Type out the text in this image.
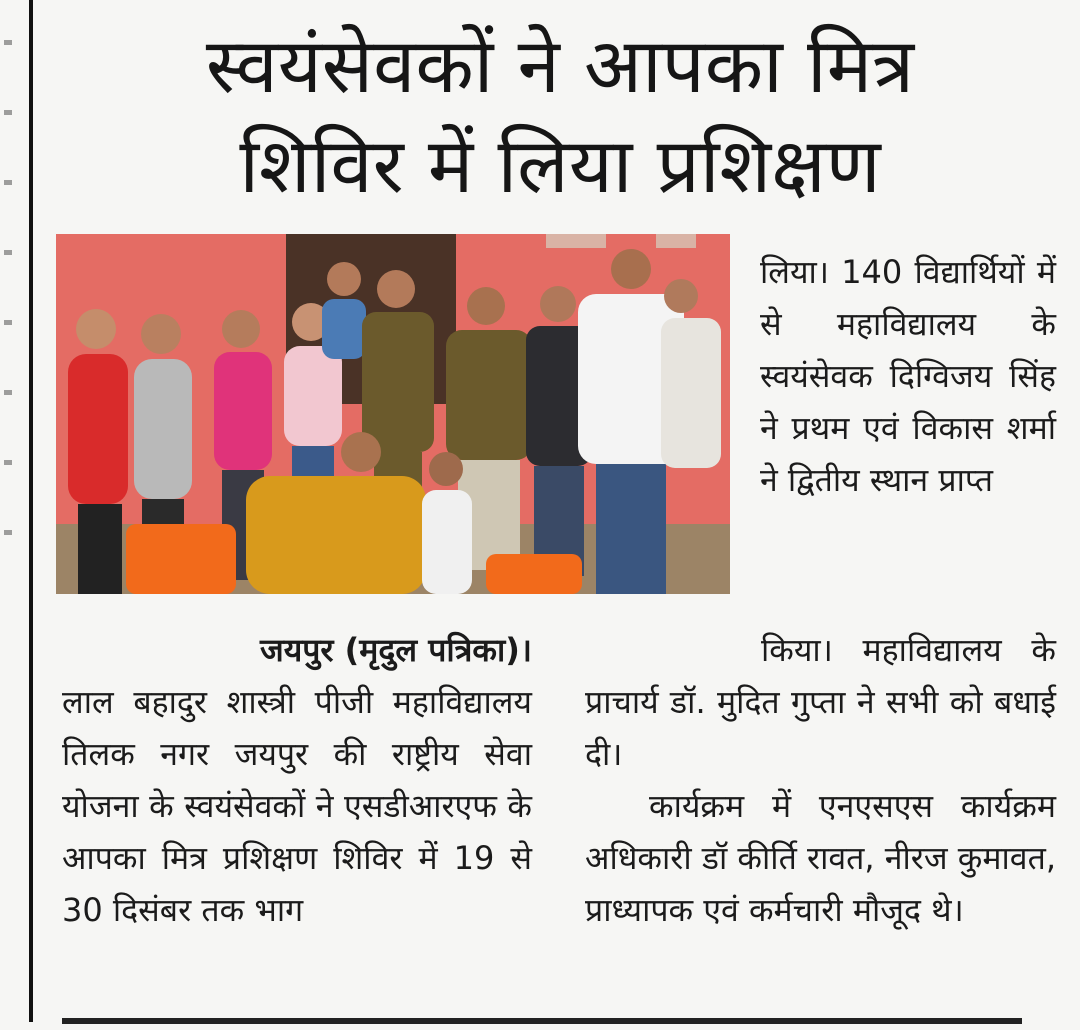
स्वयंसेवकों ने आपका मित्र
शिविर में लिया प्रशिक्षण

लिया। 140 विद्यार्थियों में से महाविद्यालय के स्वयंसेवक दिग्विजय सिंह ने प्रथम एवं विकास शर्मा ने द्वितीय स्थान प्राप्त

जयपुर (मृदुल पत्रिका)।

लाल बहादुर शास्त्री पीजी महाविद्यालय तिलक नगर जयपुर की राष्ट्रीय सेवा योजना के स्वयंसेवकों ने एसडीआरएफ के आपका मित्र प्रशिक्षण शिविर में 19 से 30 दिसंबर तक भाग

किया। महाविद्यालय के प्राचार्य डॉ. मुदित गुप्ता ने सभी को बधाई दी।

कार्यक्रम में एनएसएस कार्यक्रम अधिकारी डॉ कीर्ति रावत, नीरज कुमावत, प्राध्यापक एवं कर्मचारी मौजूद थे।
